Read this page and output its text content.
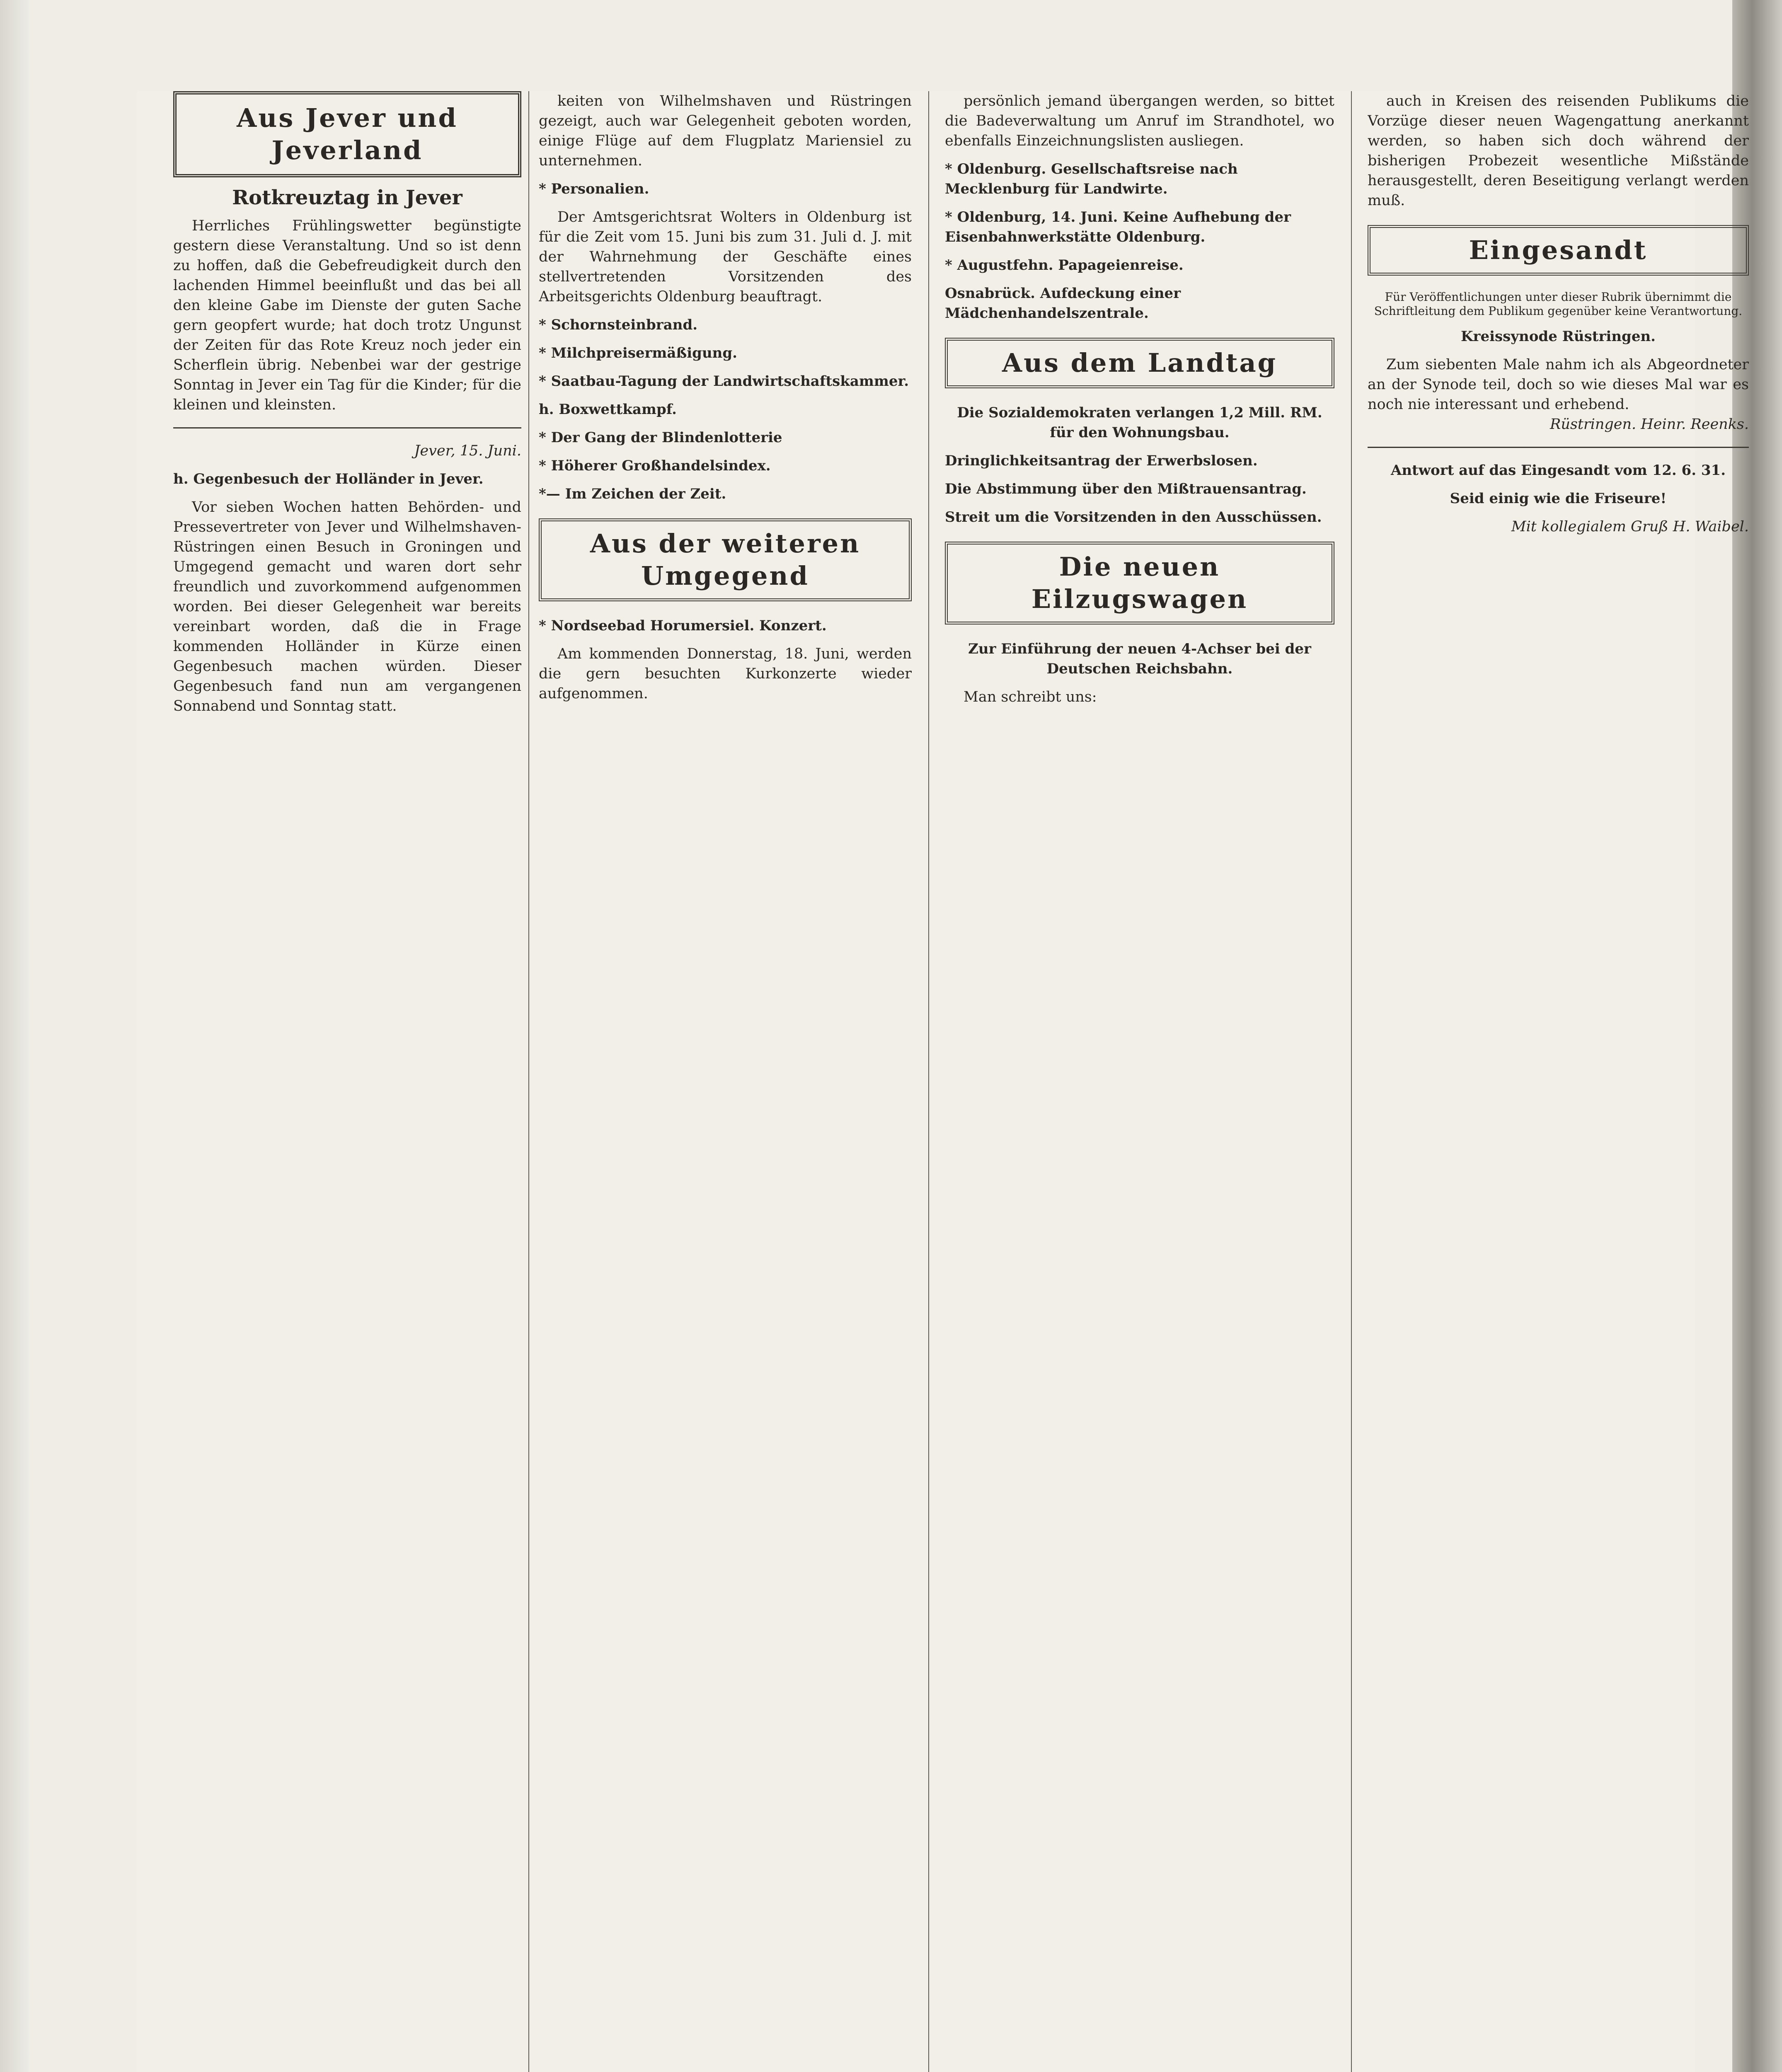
Aus Jever und Jeverland
Rotkreuztag in Jever

Herrliches Frühlingswetter begünstigte gestern diese Veranstaltung. Und so ist denn zu hoffen, daß die Gebefreudigkeit durch den lachenden Himmel beeinflußt und das bei all den kleine Gabe im Dienste der guten Sache gern geopfert wurde; hat doch trotz Ungunst der Zeiten für das Rote Kreuz noch jeder ein Scherflein übrig. Nebenbei war der gestrige Sonntag in Jever ein Tag für die Kinder; für die kleinen und kleinsten.

Jever, 15. Juni.
h. Gegenbesuch der Holländer in Jever.

Vor sieben Wochen hatten Behörden- und Pressevertreter von Jever und Wilhelmshaven-Rüstringen einen Besuch in Groningen und Umgegend gemacht und waren dort sehr freundlich und zuvorkommend aufgenommen worden. Bei dieser Gelegenheit war bereits vereinbart worden, daß die in Frage kommenden Holländer in Kürze einen Gegenbesuch machen würden. Dieser Gegenbesuch fand nun am vergangenen Sonnabend und Sonntag statt.

keiten von Wilhelmshaven und Rüstringen gezeigt, auch war Gelegenheit geboten worden, einige Flüge auf dem Flugplatz Mariensiel zu unternehmen.

* Personalien.

Der Amtsgerichtsrat Wolters in Oldenburg ist für die Zeit vom 15. Juni bis zum 31. Juli d. J. mit der Wahrnehmung der Geschäfte eines stellvertretenden Vorsitzenden des Arbeitsgerichts Oldenburg beauftragt.

* Schornsteinbrand.
* Milchpreisermäßigung.
* Saatbau-Tagung der Landwirtschaftskammer.
h. Boxwettkampf.
* Der Gang der Blindenlotterie
* Höherer Großhandelsindex.
*— Im Zeichen der Zeit.
Aus der weiteren Umgegend
* Nordseebad Horumersiel. Konzert.

Am kommenden Donnerstag, 18. Juni, werden die gern besuchten Kurkonzerte wieder aufgenommen.

persönlich jemand übergangen werden, so bittet die Badeverwaltung um Anruf im Strandhotel, wo ebenfalls Einzeichnungslisten ausliegen.

* Oldenburg. Gesellschaftsreise nach Mecklenburg für Landwirte.
* Oldenburg, 14. Juni. Keine Aufhebung der Eisenbahnwerkstätte Oldenburg.
* Augustfehn. Papageienreise.
Osnabrück. Aufdeckung einer Mädchenhandelszentrale.
Aus dem Landtag
Die Sozialdemokraten verlangen 1,2 Mill. RM. für den Wohnungsbau.
Dringlichkeitsantrag der Erwerbslosen.
Die Abstimmung über den Mißtrauensantrag.
Streit um die Vorsitzenden in den Ausschüssen.
Die neuen Eilzugswagen
Zur Einführung der neuen 4-Achser bei der Deutschen Reichsbahn.

Man schreibt uns:

auch in Kreisen des reisenden Publikums die Vorzüge dieser neuen Wagengattung anerkannt werden, so haben sich doch während der bisherigen Probezeit wesentliche Mißstände herausgestellt, deren Beseitigung verlangt werden muß.

Eingesandt
Für Veröffentlichungen unter dieser Rubrik übernimmt die Schriftleitung dem Publikum gegenüber keine Verantwortung.
Kreissynode Rüstringen.

Zum siebenten Male nahm ich als Abgeordneter an der Synode teil, doch so wie dieses Mal war es noch nie interessant und erhebend.

Rüstringen. Heinr. Reenks.
Antwort auf das Eingesandt vom 12. 6. 31.
Seid einig wie die Friseure!
Mit kollegialem Gruß H. Waibel.
